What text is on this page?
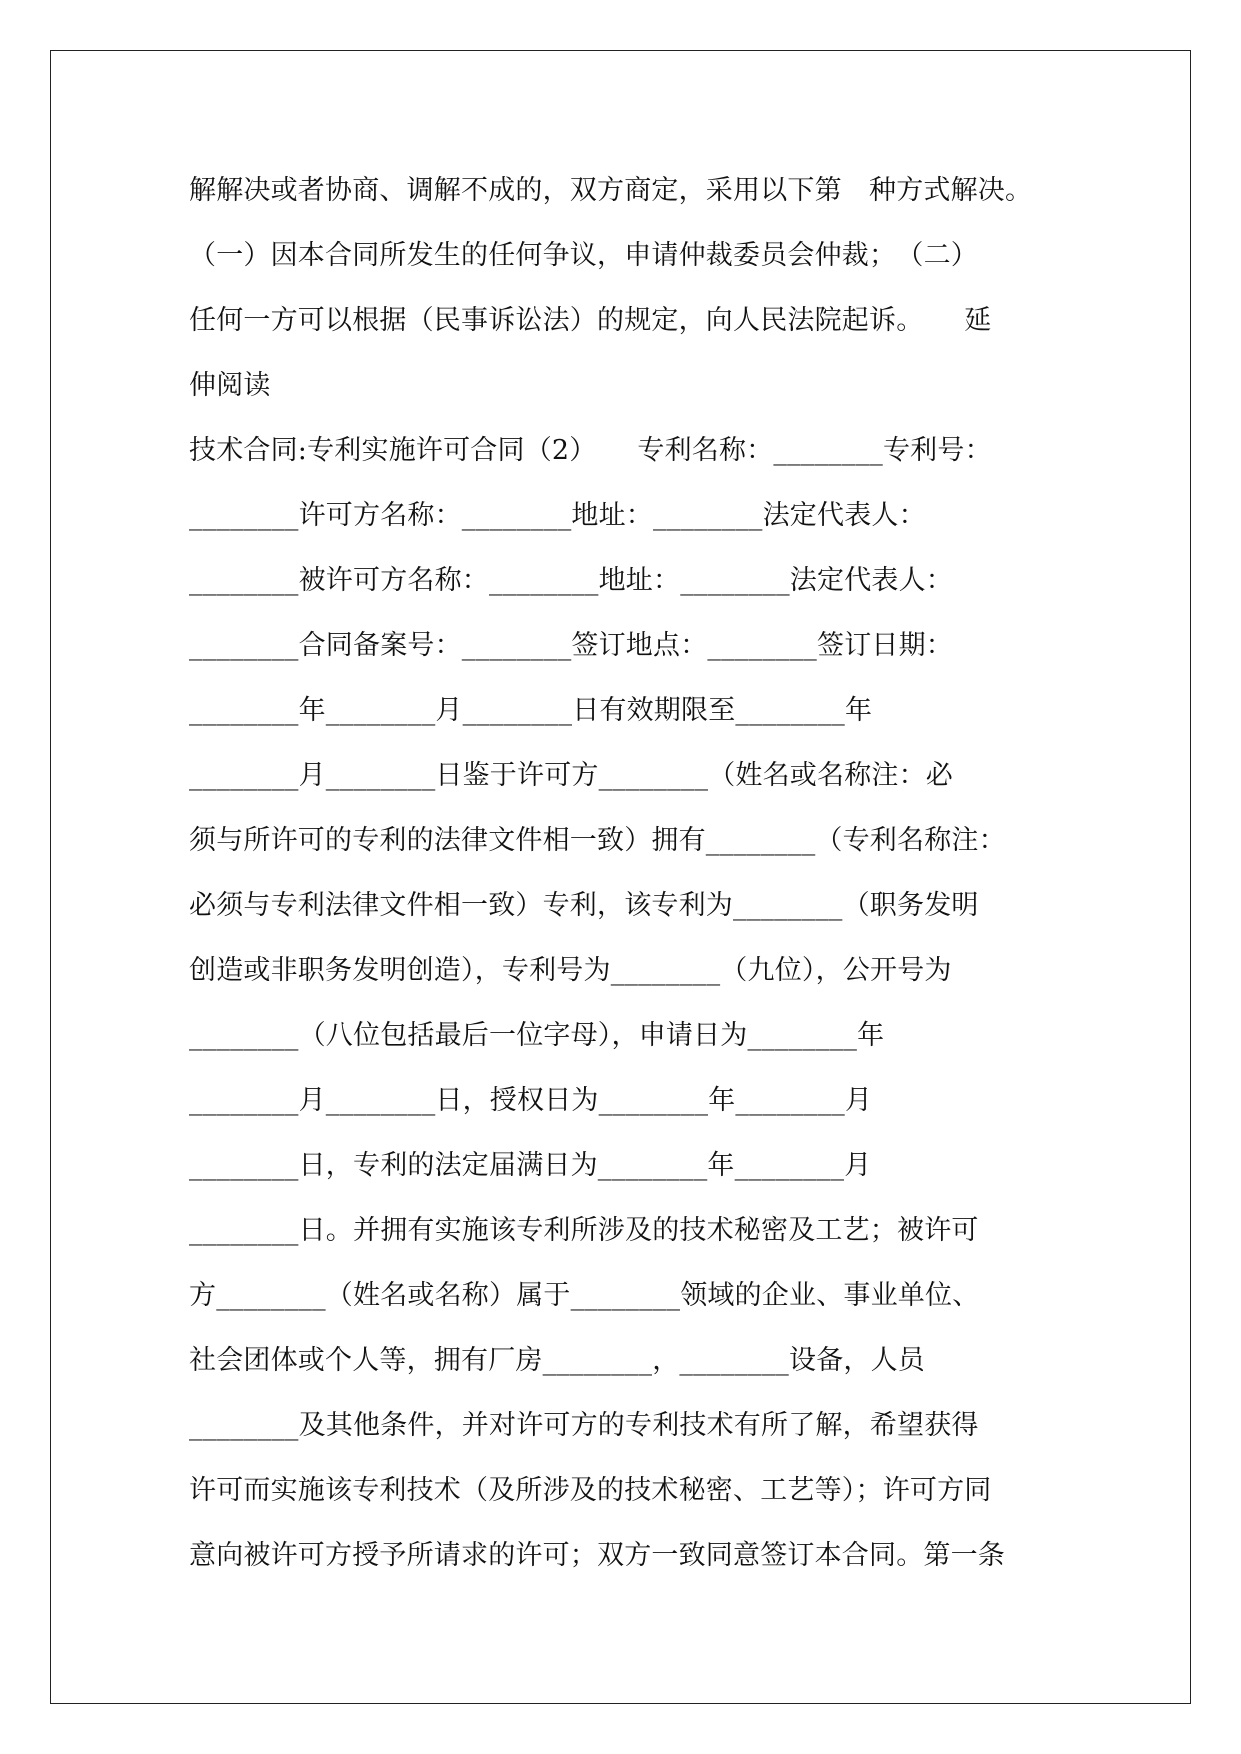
解解决或者协商、调解不成的，双方商定，采用以下第　种方式解决。
（一）因本合同所发生的任何争议，申请仲裁委员会仲裁；　（二）
任何一方可以根据（民事诉讼法）的规定，向人民法院起诉。　　延
伸阅读
技术合同:专利实施许可合同（2）　　专利名称：________专利号：
________许可方名称：________地址：________法定代表人：
________被许可方名称：________地址：________法定代表人：
________合同备案号：________签订地点：________签订日期：
________年________月________日有效期限至________年
________月________日鉴于许可方________（姓名或名称注：必
须与所许可的专利的法律文件相一致）拥有________（专利名称注：
必须与专利法律文件相一致）专利，该专利为________（职务发明
创造或非职务发明创造），专利号为________（九位），公开号为
________（八位包括最后一位字母），申请日为________年
________月________日，授权日为________年________月
________日，专利的法定届满日为________年________月
________日。并拥有实施该专利所涉及的技术秘密及工艺；被许可
方________（姓名或名称）属于________领域的企业、事业单位、
社会团体或个人等，拥有厂房________，________设备，人员
________及其他条件，并对许可方的专利技术有所了解，希望获得
许可而实施该专利技术（及所涉及的技术秘密、工艺等）；许可方同
意向被许可方授予所请求的许可；双方一致同意签订本合同。第一条
